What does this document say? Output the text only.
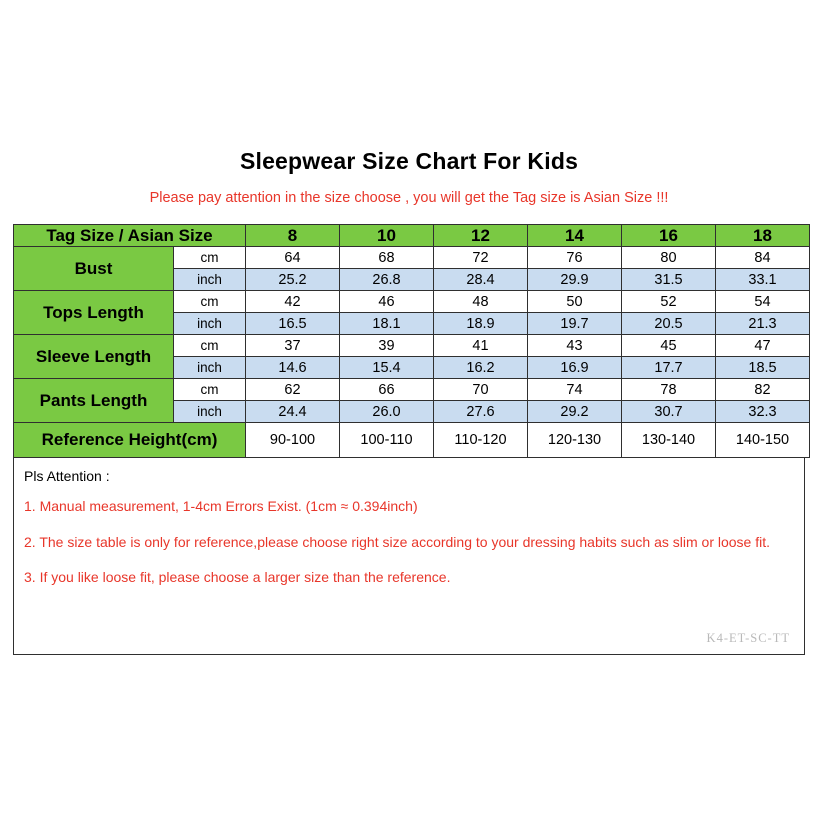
Sleepwear Size Chart For Kids
Please pay attention in the size choose , you will get the Tag size is Asian Size !!!
Tag Size / Asian Size		8	10	12	14	16	18
Bust	cm	64	68	72	76	80	84
	inch	25.2	26.8	28.4	29.9	31.5	33.1
Tops Length	cm	42	46	48	50	52	54
	inch	16.5	18.1	18.9	19.7	20.5	21.3
Sleeve Length	cm	37	39	41	43	45	47
	inch	14.6	15.4	16.2	16.9	17.7	18.5
Pants Length	cm	62	66	70	74	78	82
	inch	24.4	26.0	27.6	29.2	30.7	32.3
Reference Height(cm)		90-100	100-110	110-120	120-130	130-140	140-150
Pls Attention :
1. Manual measurement, 1-4cm Errors Exist. (1cm ≈ 0.394inch)
2. The size table is only for reference,please choose right size according to your dressing habits such as slim or loose fit.
3. If you like loose fit, please choose a larger size than the reference.
K4-ET-SC-TT
